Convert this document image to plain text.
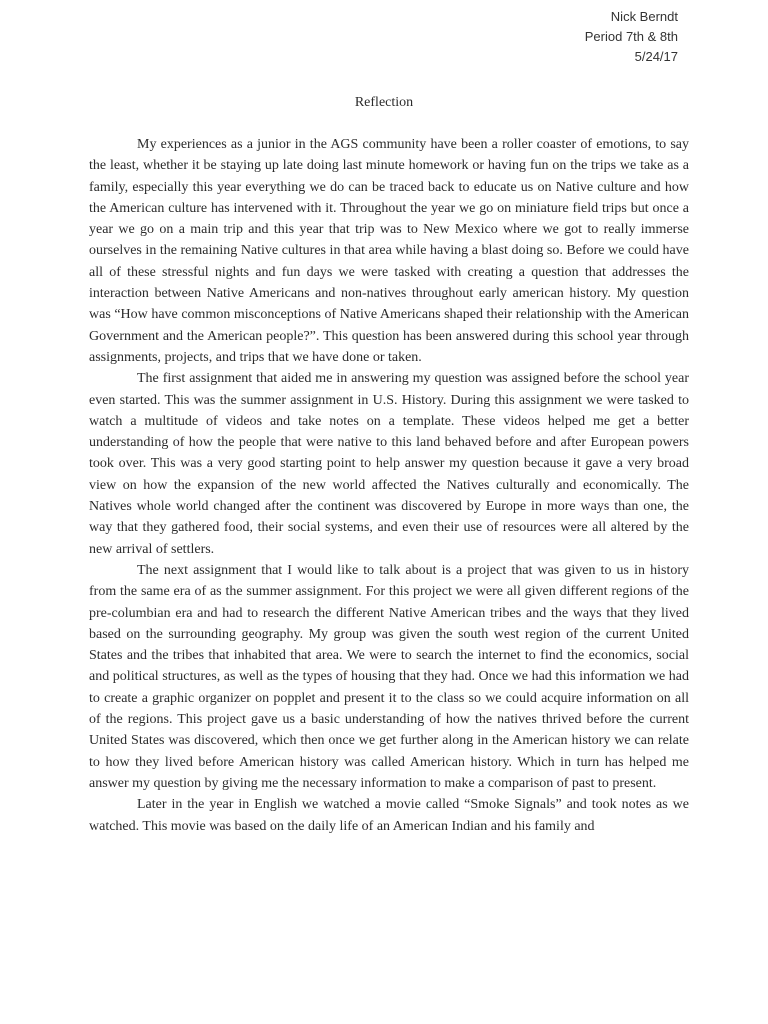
Nick Berndt
Period 7th & 8th
5/24/17
Reflection

My experiences as a junior in the AGS community have been a roller coaster of emotions, to say the least, whether it be staying up late doing last minute homework or having fun on the trips we take as a family, especially this year everything we do can be traced back to educate us on Native culture and how the American culture has intervened with it. Throughout the year we go on miniature field trips but once a year we go on a main trip and this year that trip was to New Mexico where we got to really immerse ourselves in the remaining Native cultures in that area while having a blast doing so. Before we could have all of these stressful nights and fun days we were tasked with creating a question that addresses the interaction between Native Americans and non-natives throughout early american history. My question was “How have common misconceptions of Native Americans shaped their relationship with the American Government and the American people?”. This question has been answered during this school year through assignments, projects, and trips that we have done or taken.

The first assignment that aided me in answering my question was assigned before the school year even started. This was the summer assignment in U.S. History. During this assignment we were tasked to watch a multitude of videos and take notes on a template. These videos helped me get a better understanding of how the people that were native to this land behaved before and after European powers took over. This was a very good starting point to help answer my question because it gave a very broad view on how the expansion of the new world affected the Natives culturally and economically. The Natives whole world changed after the continent was discovered by Europe in more ways than one, the way that they gathered food, their social systems, and even their use of resources were all altered by the new arrival of settlers.

The next assignment that I would like to talk about is a project that was given to us in history from the same era of as the summer assignment. For this project we were all given different regions of the pre-columbian era and had to research the different Native American tribes and the ways that they lived based on the surrounding geography. My group was given the south west region of the current United States and the tribes that inhabited that area. We were to search the internet to find the economics, social and political structures, as well as the types of housing that they had. Once we had this information we had to create a graphic organizer on popplet and present it to the class so we could acquire information on all of the regions. This project gave us a basic understanding of how the natives thrived before the current United States was discovered, which then once we get further along in the American history we can relate to how they lived before American history was called American history. Which in turn has helped me answer my question by giving me the necessary information to make a comparison of past to present.

Later in the year in English we watched a movie called “Smoke Signals” and took notes as we watched. This movie was based on the daily life of an American Indian and his family and
